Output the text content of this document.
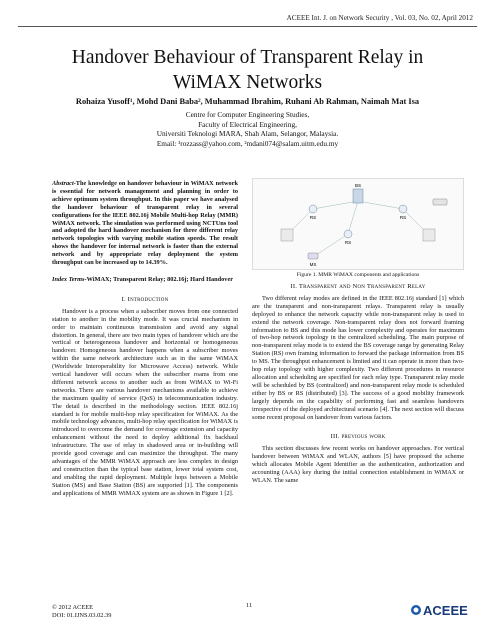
ACEEE Int. J. on Network Security , Vol. 03, No. 02, April 2012
Handover Behaviour of Transparent Relay in WiMAX Networks
Rohaiza Yusoff¹, Mohd Dani Baba², Muhammad Ibrahim, Ruhani Ab Rahman, Naimah Mat Isa
Centre for Computer Engineering Studies,
Faculty of Electrical Engineering,
Universiti Teknologi MARA, Shah Alam, Selangor, Malaysia.
Email: ¹rozzass@yahoo.com, ²mdani074@salam.uitm.edu.my

Abstract-The knowledge on handover behaviour in WiMAX network is essential for network management and planning in order to achieve optimum system throughput. In this paper we have analysed the handover behaviour of transparent relay in several configurations for the IEEE 802.16j Mobile Multi-hop Relay (MMR) WiMAX network. The simulation was performed using NCTUns tool and adopted the hard handover mechanism for three different relay network topologies with varying mobile station speeds. The result shows the handover for internal network is faster than the external network and by appropriate relay deployment the system throughput can be increased up to 14.39%.

Index Terms-WiMAX; Transparent Relay; 802.16j; Hard Handover

I. Introduction

Handover is a process when a subscriber moves from one connected station to another in the mobility mode. It was crucial mechanism in order to maintain continuous transmission and avoid any signal distortion. In general, there are two main types of handover which are the vertical or heterogeneous handover and horizontal or homogeneous handover. Homogeneous handover happens when a subscriber moves within the same network architecture such as in the same WiMAX (Worldwide Interoperability for Microwave Access) network. While vertical handover will occurs when the subscriber roams from one different network access to another such as from WiMAX to Wi-Fi networks. There are various handover mechanisms available to achieve the maximum quality of service (QoS) in telecommunication industry. The detail is described in the methodology section. IEEE 802.16j standard is for mobile multi-hop relay specification for WiMAX. As the mobile technology advances, multi-hop relay specification for WiMAX is introduced to overcome the demand for coverage extension and capacity enhancement without the need to deploy additional fix backhaul infrastructure. The use of relay in shadowed area or in-building will provide good coverage and can maximize the throughput. The many advantages of the MMR WiMAX approach are less complex in design and construction than the typical base station, lower total system cost, and enabling the rapid deployment. Multiple hops between a Mobile Station (MS) and Base Station (BS) are supported [1]. The components and applications of MMR WiMAX system are as shown in Figure 1 [2].

BS
RS	RS
RS
MS
Figure 1. MMR WiMAX components and applications
II. Transparent and Non Transparent Relay

Two different relay modes are defined in the IEEE 802.16j standard [1] which are the transparent and non-transparent relays. Transparent relay is usually deployed to enhance the network capacity while non-transparent relay is used to extend the network coverage. Non-transparent relay does not forward framing information to BS and this mode has lower complexity and operates for maximum of two-hop network topology in the centralized scheduling. The main purpose of non-transparent relay mode is to extend the BS coverage range by generating Relay Station (RS) own framing information to forward the package information from BS to MS. The throughput enhancement is limited and it can operate in more than two-hop relay topology with higher complexity. Two different procedures in resource allocation and scheduling are specified for each relay type. Transparent relay mode will be scheduled by BS (centralized) and non-transparent relay mode is scheduled either by BS or RS (distributed) [3]. The success of a good mobility framework largely depends on the capability of performing fast and seamless handovers irrespective of the deployed architectural scenario [4]. The next section will discuss some recent proposal on handover from various factors.

III. previous work

This section discusses few recent works on handover approaches. For vertical handover between WiMAX and WLAN, authors [5] have proposed the scheme which allocates Mobile Agent Identifier as the authentication, authorization and accounting (AAA) key during the initial connection establishment in WiMAX or WLAN. The same

© 2012 ACEEE
DOI: 01.IJNS.03.02.39
11	ACEEE
